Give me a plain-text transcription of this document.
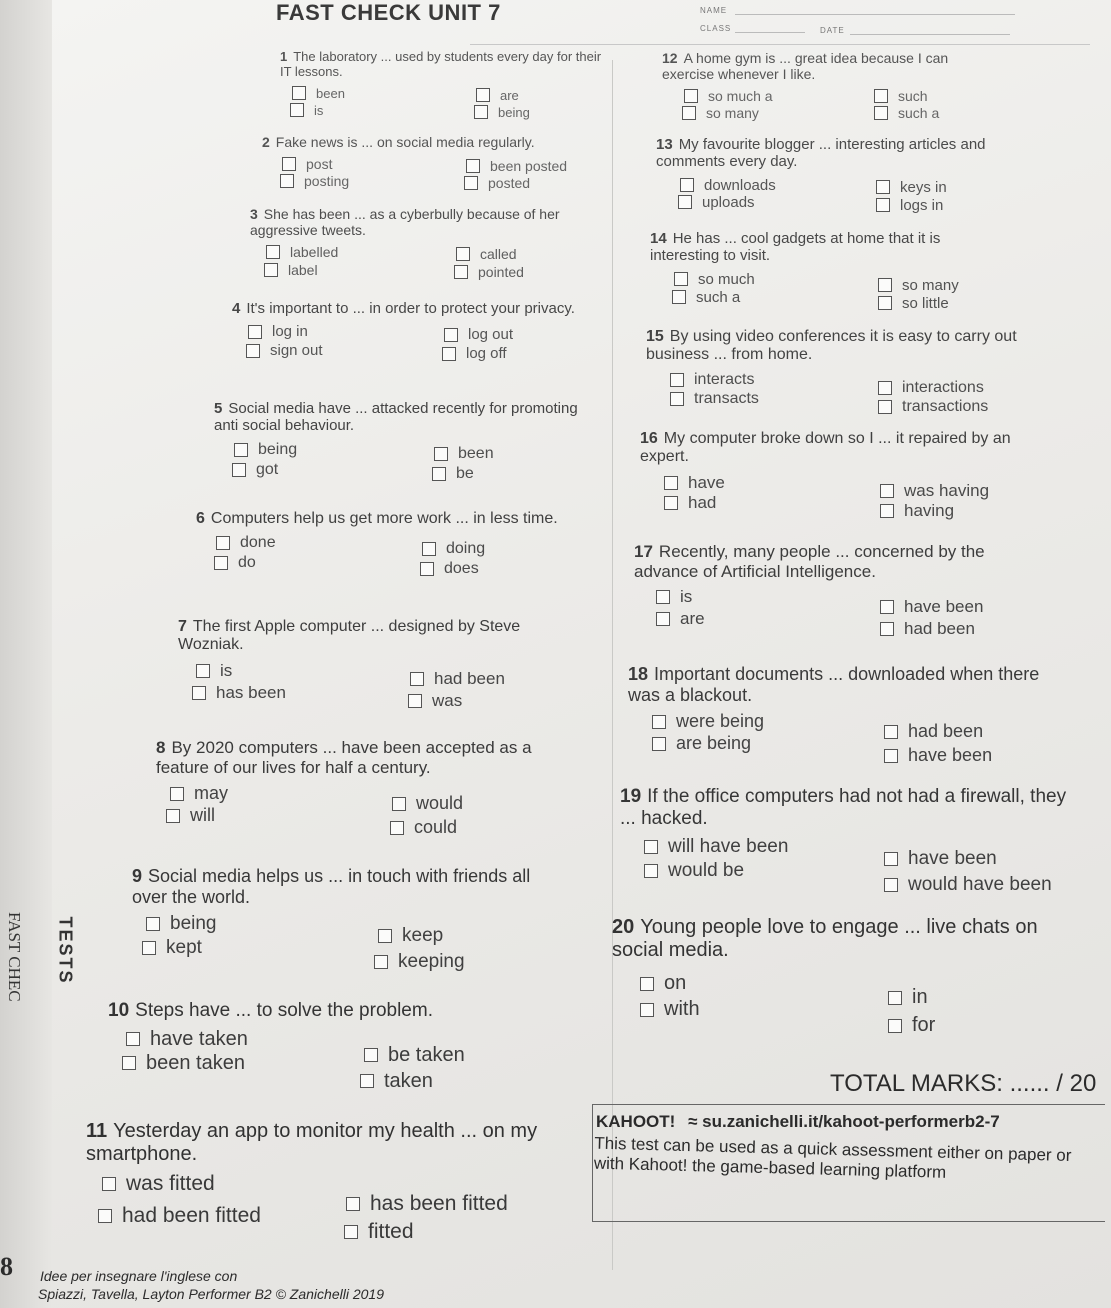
FAST CHECK UNIT 7	NAME
CLASS	DATE
1 The laboratory ... used by students every day for their IT lessons.
been
is
are
being
2 Fake news is ... on social media regularly.
post
posting
been posted
posted
3 She has been ... as a cyberbully because of her aggressive tweets.
labelled
label
called
pointed
4 It's important to ... in order to protect your privacy.
log in
sign out
log out
log off
5 Social media have ... attacked recently for promoting anti social behaviour.
being
got
been
be
6 Computers help us get more work ... in less time.
done
do
doing
does
7 The first Apple computer ... designed by Steve Wozniak.
is
has been
had been
was
8 By 2020 computers ... have been accepted as a feature of our lives for half a century.
may
will
would
could
9 Social media helps us ... in touch with friends all over the world.
being
kept
keep
keeping
10 Steps have ... to solve the problem.
have taken
been taken	be taken
taken
11 Yesterday an app to monitor my health ... on my smartphone.
was fitted
had been fitted
has been fitted
fitted
12 A home gym is ... great idea because I can exercise whenever I like.
so much a
so many
such
such a
13 My favourite blogger ... interesting articles and comments every day.
downloads
uploads
keys in
logs in
14 He has ... cool gadgets at home that it is interesting to visit.
so much
such a
so many
so little
15 By using video conferences it is easy to carry out business ... from home.
interacts
transacts
interactions
transactions
16 My computer broke down so I ... it repaired by an expert.
have
had
was having
having
17 Recently, many people ... concerned by the advance of Artificial Intelligence.
is
are
have been
had been
18 Important documents ... downloaded when there was a blackout.
were being
are being
had been
have been
19 If the office computers had not had a firewall, they ... hacked.
will have been
would be
have been
would have been
20 Young people love to engage ... live chats on social media.
on
with
in
for
TOTAL MARKS: ...... / 20
KAHOOT! ≈ su.zanichelli.it/kahoot-performerb2-7
This test can be used as a quick assessment either on paper or with Kahoot! the game-based learning platform
TESTS
FAST CHEC
8 Idee per insegnare l'inglese con
Spiazzi, Tavella, Layton Performer B2 © Zanichelli 2019
